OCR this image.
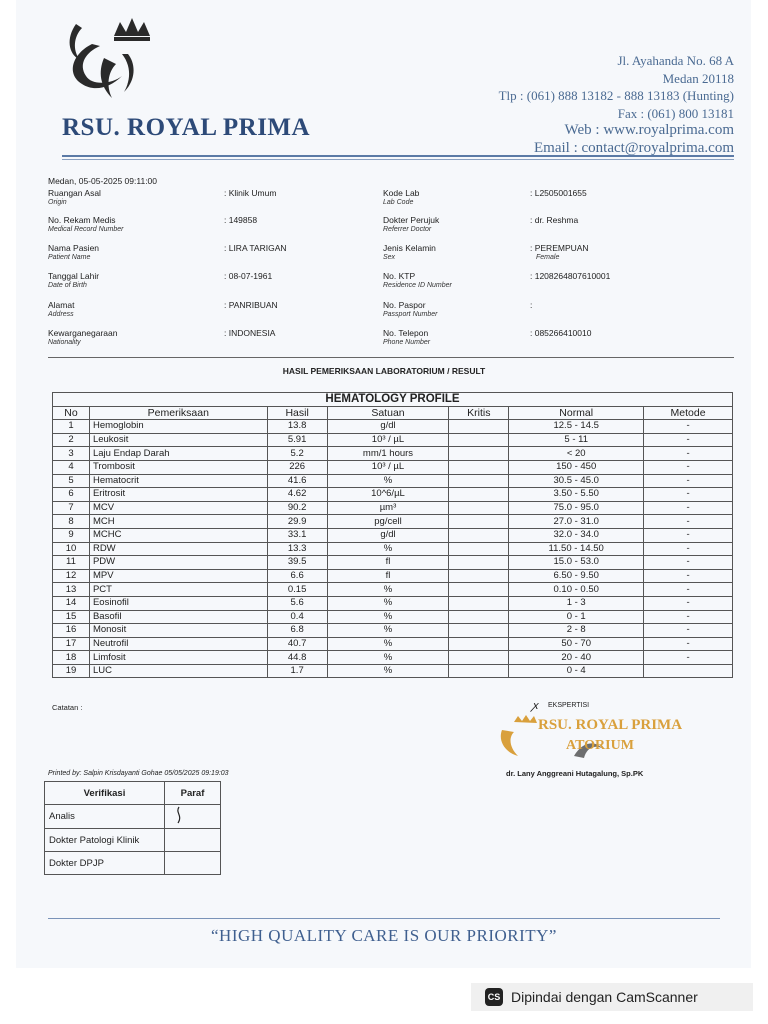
RSU. ROYAL PRIMA
Jl. Ayahanda No. 68 A
Medan 20118
Tlp : (061) 888 13182 - 888 13183 (Hunting)
Fax : (061) 800 13181
Web : www.royalprima.com
Email : contact@royalprima.com
Medan, 05-05-2025 09:11:00
Ruangan Asal
Origin
: Klinik Umum
No. Rekam Medis
Medical Record Number
: 149858
Nama Pasien
Patient Name
: LIRA TARIGAN
Tanggal Lahir
Date of Birth
: 08-07-1961
Alamat
Address
: PANRIBUAN
Kewarganegaraan
Nationality
: INDONESIA
Kode Lab
Lab Code
: L2505001655
Dokter Perujuk
Referrer Doctor
: dr. Reshma
Jenis Kelamin
Sex
: PEREMPUAN
Female
No. KTP
Residence ID Number
: 1208264807610001
No. Paspor
Passport Number
:
No. Telepon
Phone Number
: 085266410010
HASIL PEMERIKSAAN LABORATORIUM / RESULT
HEMATOLOGY PROFILE						
No	Pemeriksaan	Hasil	Satuan	Kritis	Normal	Metode
1	Hemoglobin	13.8	g/dl		12.5 - 14.5	-
2	Leukosit	5.91	10³ / µL		5 - 11	-
3	Laju Endap Darah	5.2	mm/1 hours		< 20	-
4	Trombosit	226	10³ / µL		150 - 450	-
5	Hematocrit	41.6	%		30.5 - 45.0	-
6	Eritrosit	4.62	10^6/µL		3.50 - 5.50	-
7	MCV	90.2	µm³		75.0 - 95.0	-
8	MCH	29.9	pg/cell		27.0 - 31.0	-
9	MCHC	33.1	g/dl		32.0 - 34.0	-
10	RDW	13.3	%		11.50 - 14.50	-
11	PDW	39.5	fl		15.0 - 53.0	-
12	MPV	6.6	fl		6.50 - 9.50	-
13	PCT	0.15	%		0.10 - 0.50	-
14	Eosinofil	5.6	%		1 - 3	-
15	Basofil	0.4	%		0 - 1	-
16	Monosit	6.8	%		2 - 8	-
17	Neutrofil	40.7	%		50 - 70	-
18	Limfosit	44.8	%		20 - 40	-
19	LUC	1.7	%		0 - 4	
Catatan :	ꭗ EKSPERTISI
RSU. ROYAL PRIMA
ATORIUM
dr. Lany Anggreani Hutagalung, Sp.PK
Printed by: Salpin Krisdayanti Gohae 05/05/2025 09:19:03
Verifikasi	Paraf
Analis	
Dokter Patologi Klinik	
Dokter DPJP	
“HIGH QUALITY CARE IS OUR PRIORITY”
CS Dipindai dengan CamScanner
